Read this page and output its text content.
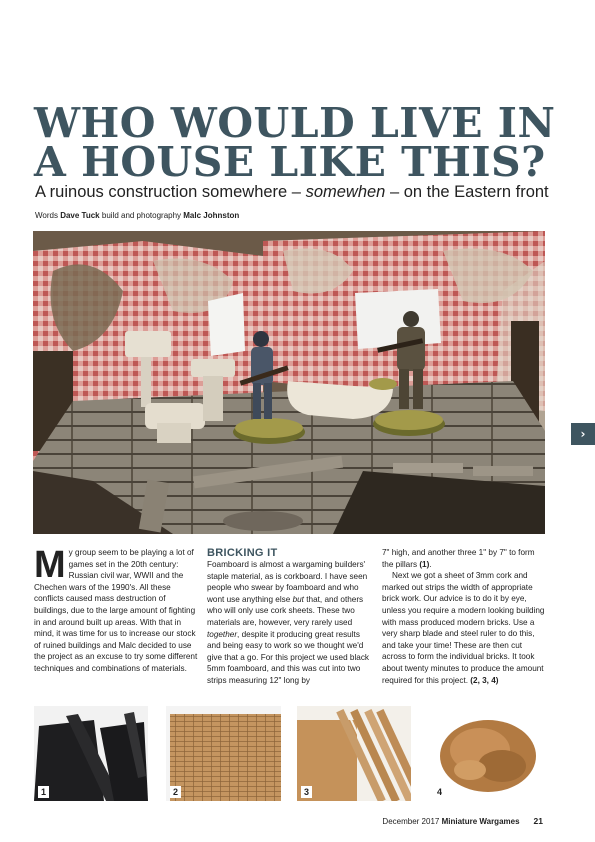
WHO WOULD LIVE IN
A HOUSE LIKE THIS?
A ruinous construction somewhere – somewhen – on the Eastern front
Words Dave Tuck build and photography Malc Johnston
›

My group seem to be playing a lot of games set in the 20th century: Russian civil war, WWII and the Chechen wars of the 1990's. All these conflicts caused mass destruction of buildings, due to the large amount of fighting in and around built up areas. With that in mind, it was time for us to increase our stock of ruined buildings and Malc decided to use the project as an excuse to try some different techniques and combinations of materials.

BRICKING IT

Foamboard is almost a wargaming builders' staple material, as is corkboard. I have seen people who swear by foamboard and who wont use anything else but that, and others who will only use cork sheets. These two materials are, however, very rarely used together, despite it producing great results and being easy to work so we thought we'd give that a go. For this project we used black 5mm foamboard, and this was cut into two strips measuring 12" long by

7" high, and another three 1" by 7" to form the pillars (1).

Next we got a sheet of 3mm cork and marked out strips the width of appropriate brick work. Our advice is to do it by eye, unless you require a modern looking building with mass produced modern bricks. Use a very sharp blade and steel ruler to do this, and take your time! These are then cut across to form the individual bricks. It took about twenty minutes to produce the amount required for this project. (2, 3, 4)

1	2	3	4
December 2017 Miniature Wargames 21
